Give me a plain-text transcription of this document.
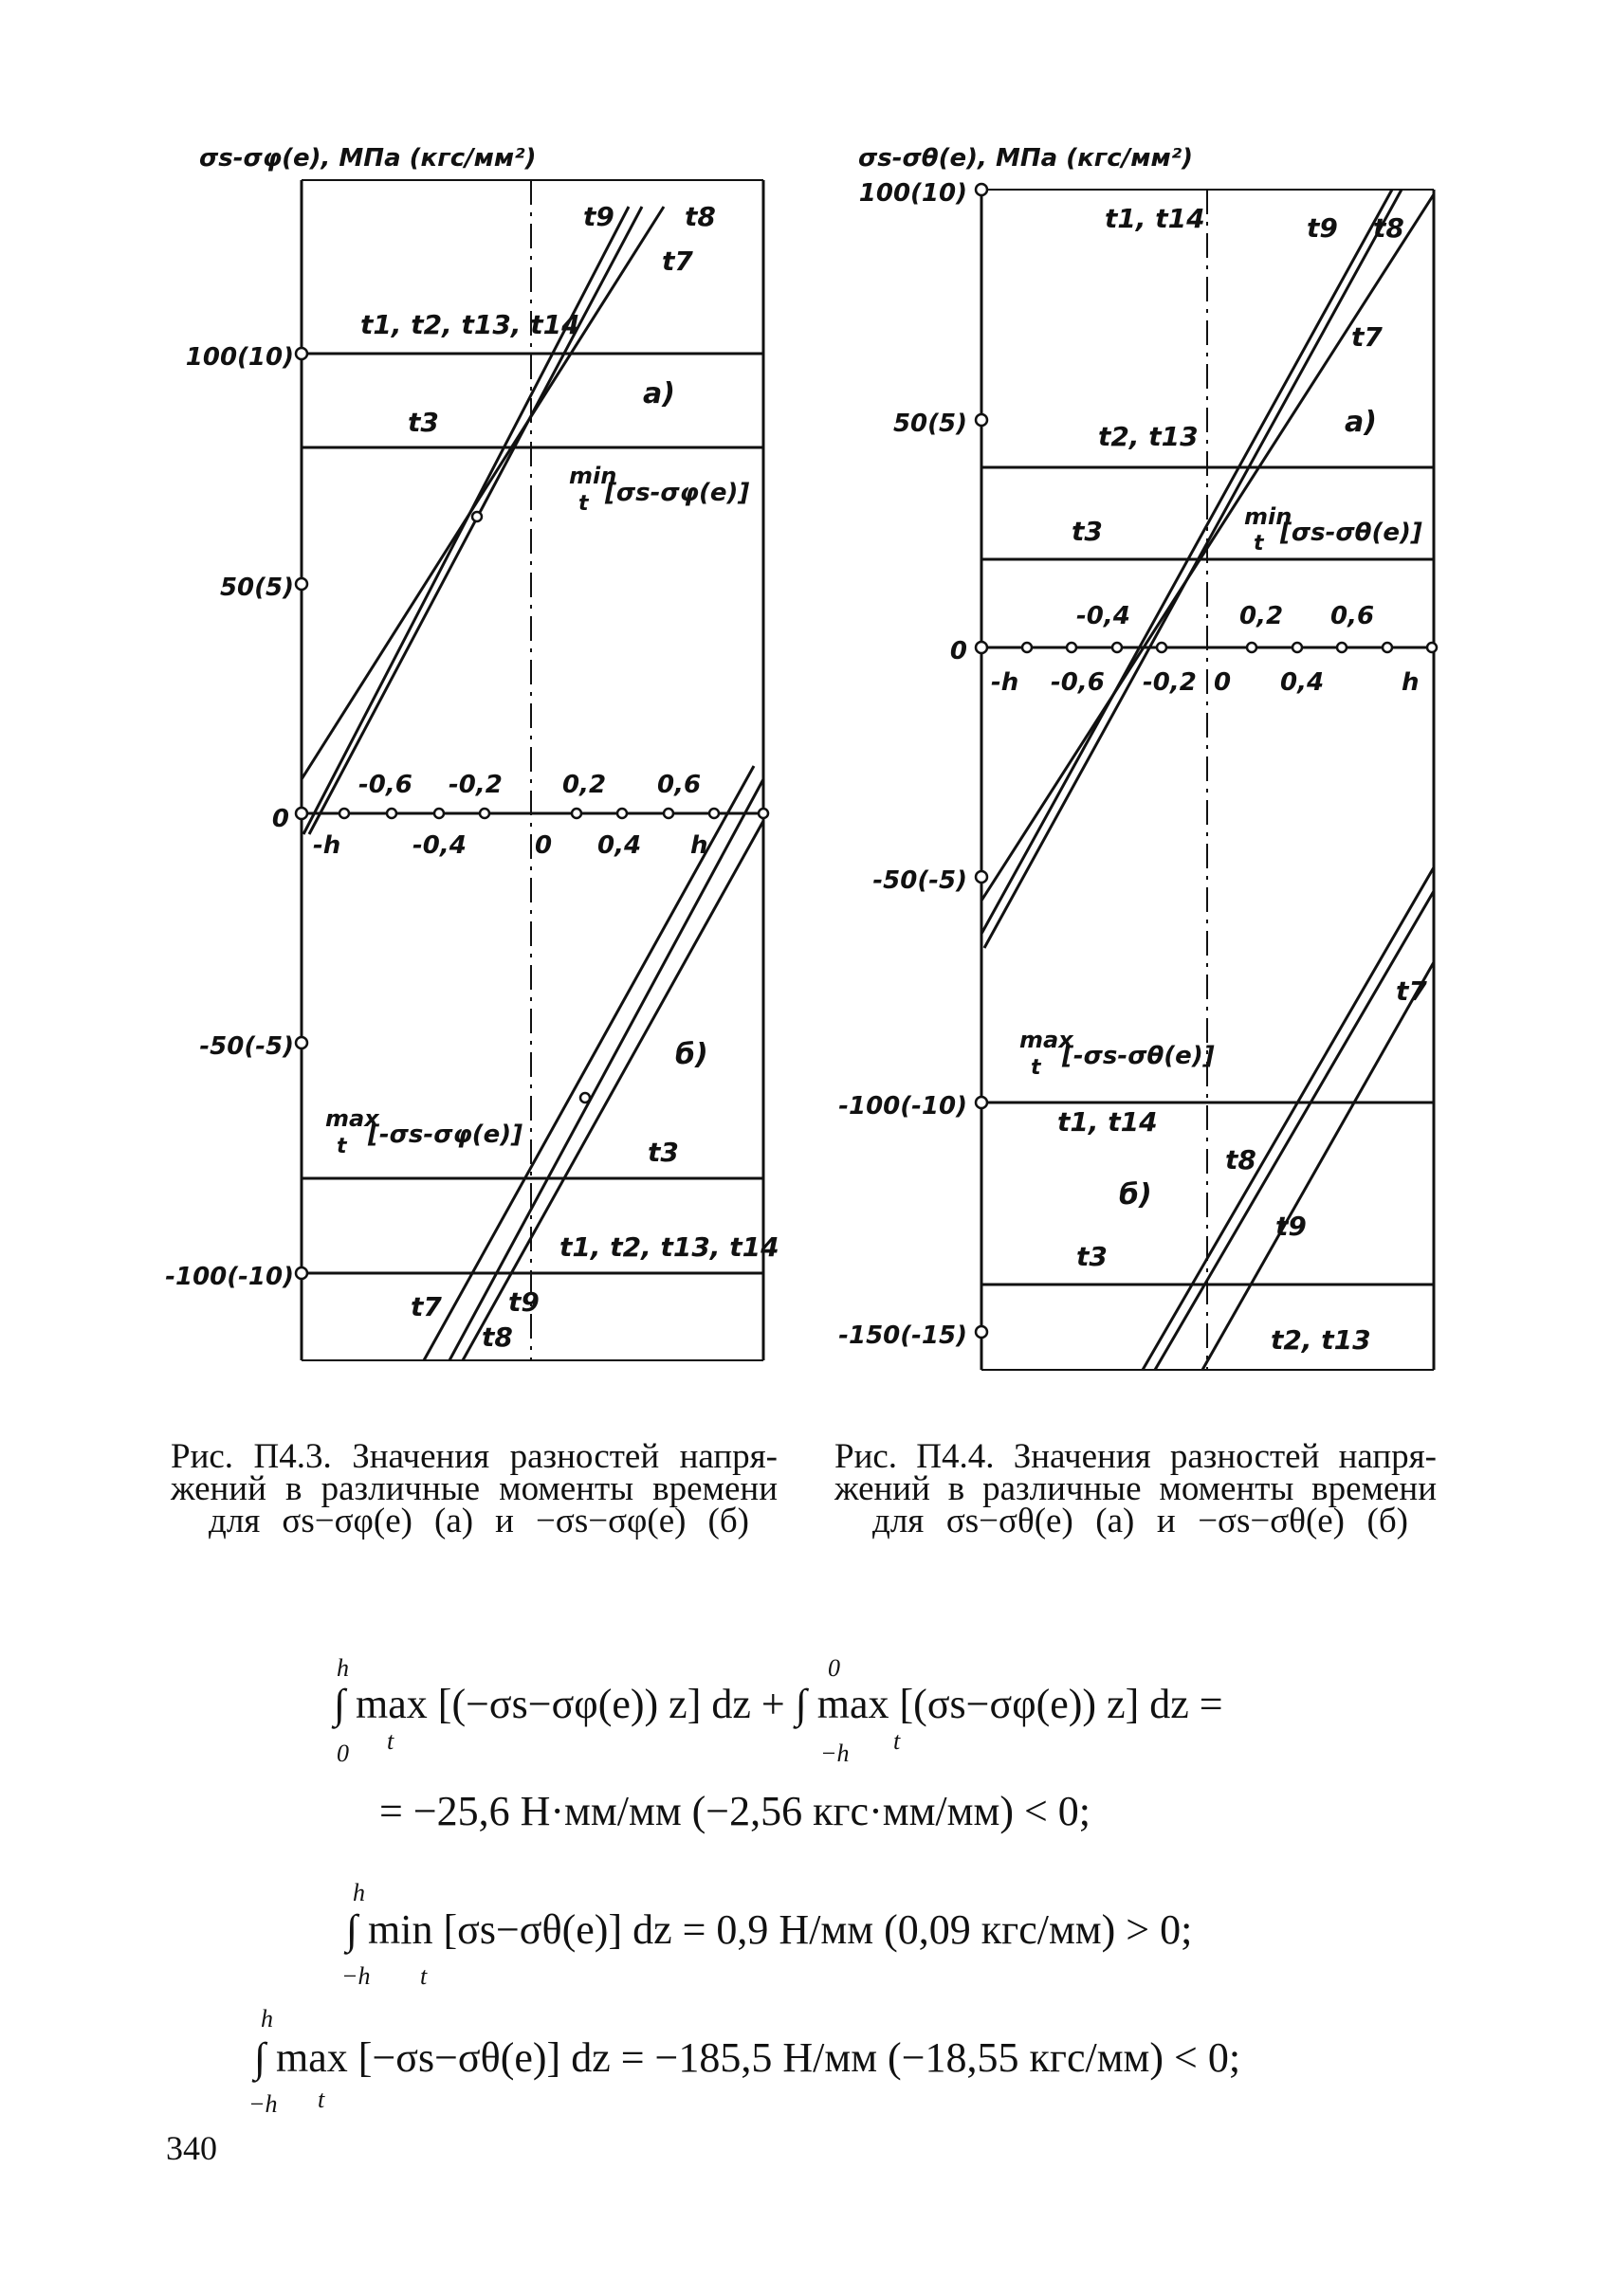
σs-σφ(e), МПа (кгс/мм²)
100(10)
50(5)
0
-50(-5)
-100(-10)
-0,6 -0,2 0,2 0,6
-h	-0,4	0 0,4 h
t9	t8
t7
t1, t2, t13, t14
a)
t3
min
t [σs-σφ(e)]
б)
max
t [-σs-σφ(e)]
t3
t1, t2, t13, t14
t7	t9
t8
σs-σθ(e), МПа (кгс/мм²)
100(10)
50(5)
0
-50(-5)
-100(-10)
-150(-15)
-0,4	0,2 0,6
-h -0,6 -0,2 0 0,4	h
t1, t14	t9 t8
t7
t2, t13	a)
t3	min
t [σs-σθ(e)]
max
t [-σs-σθ(e)]
t7
t1, t14
t8
б)
t9
t3
t2, t13
Рис. П4.3. Значения разностей напря-
жений в различные моменты времени
для σs−σφ(e) (a) и −σs−σφ(e) (б)
Рис. П4.4. Значения разностей напря-
жений в различные моменты времени
для σs−σθ(e) (a) и −σs−σθ(e) (б)
h
0 t
0
−h t
∫ max [(−σs−σφ(e)) z] dz + ∫ max [(σs−σφ(e)) z] dz =
= −25,6 Н·мм/мм (−2,56 кгс·мм/мм) < 0;
h
−h t
∫ min [σs−σθ(e)] dz = 0,9 Н/мм (0,09 кгс/мм) > 0;
h
−h t
∫ max [−σs−σθ(e)] dz = −185,5 Н/мм (−18,55 кгс/мм) < 0;
340
